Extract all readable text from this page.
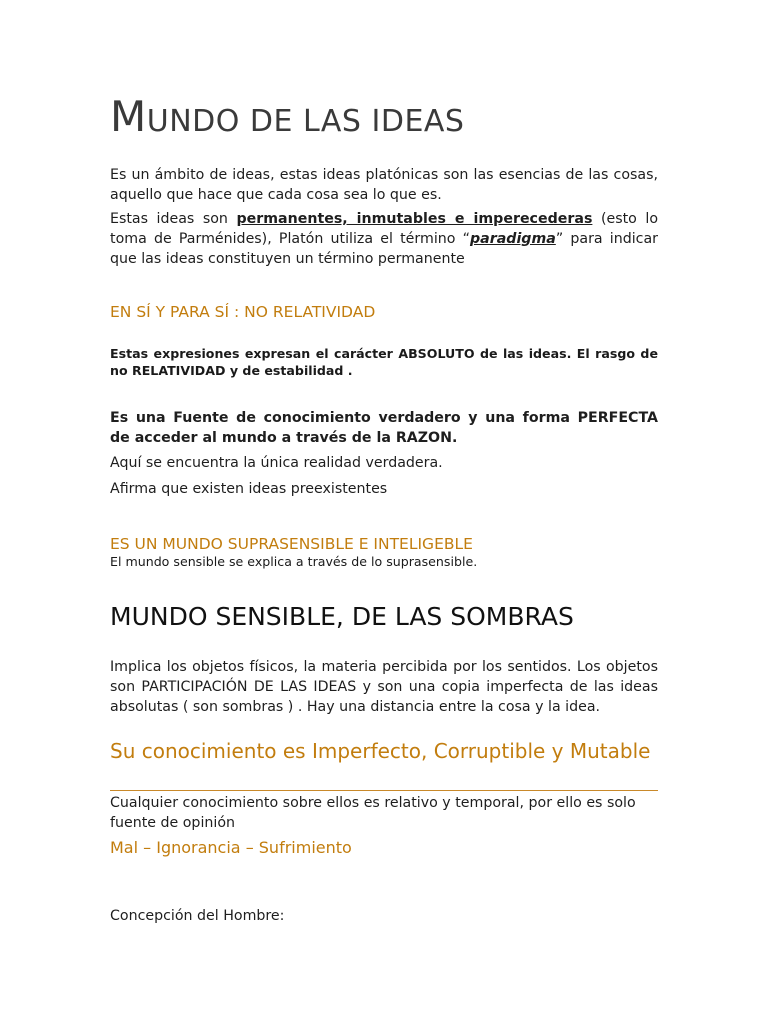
MUNDO DE LAS IDEAS

Es un ámbito de ideas, estas ideas platónicas son las esencias de las cosas, aquello que hace que cada cosa sea lo que es.

Estas ideas son permanentes, inmutables e imperecederas (esto lo toma de Parménides), Platón utiliza el término “paradigma” para indicar que las ideas constituyen un término permanente

EN SÍ Y PARA SÍ : NO RELATIVIDAD

Estas expresiones expresan el carácter ABSOLUTO de las ideas. El rasgo de no RELATIVIDAD y de estabilidad .

Es una Fuente de conocimiento verdadero y una forma PERFECTA de acceder al mundo a través de la RAZON.

Aquí se encuentra la única realidad verdadera.

Afirma que existen ideas preexistentes

ES UN MUNDO SUPRASENSIBLE E INTELIGEBLE

El mundo sensible se explica a través de lo suprasensible.

MUNDO SENSIBLE, DE LAS SOMBRAS

Implica los objetos físicos, la materia percibida por los sentidos. Los objetos son PARTICIPACIÓN DE LAS IDEAS y son una copia imperfecta de las ideas absolutas ( son sombras ) . Hay una distancia entre la cosa y la idea.

Su conocimiento es Imperfecto, Corruptible y Mutable

Cualquier conocimiento sobre ellos es relativo y temporal, por ello es solo fuente de opinión

Mal – Ignorancia – Sufrimiento

Concepción del Hombre:
